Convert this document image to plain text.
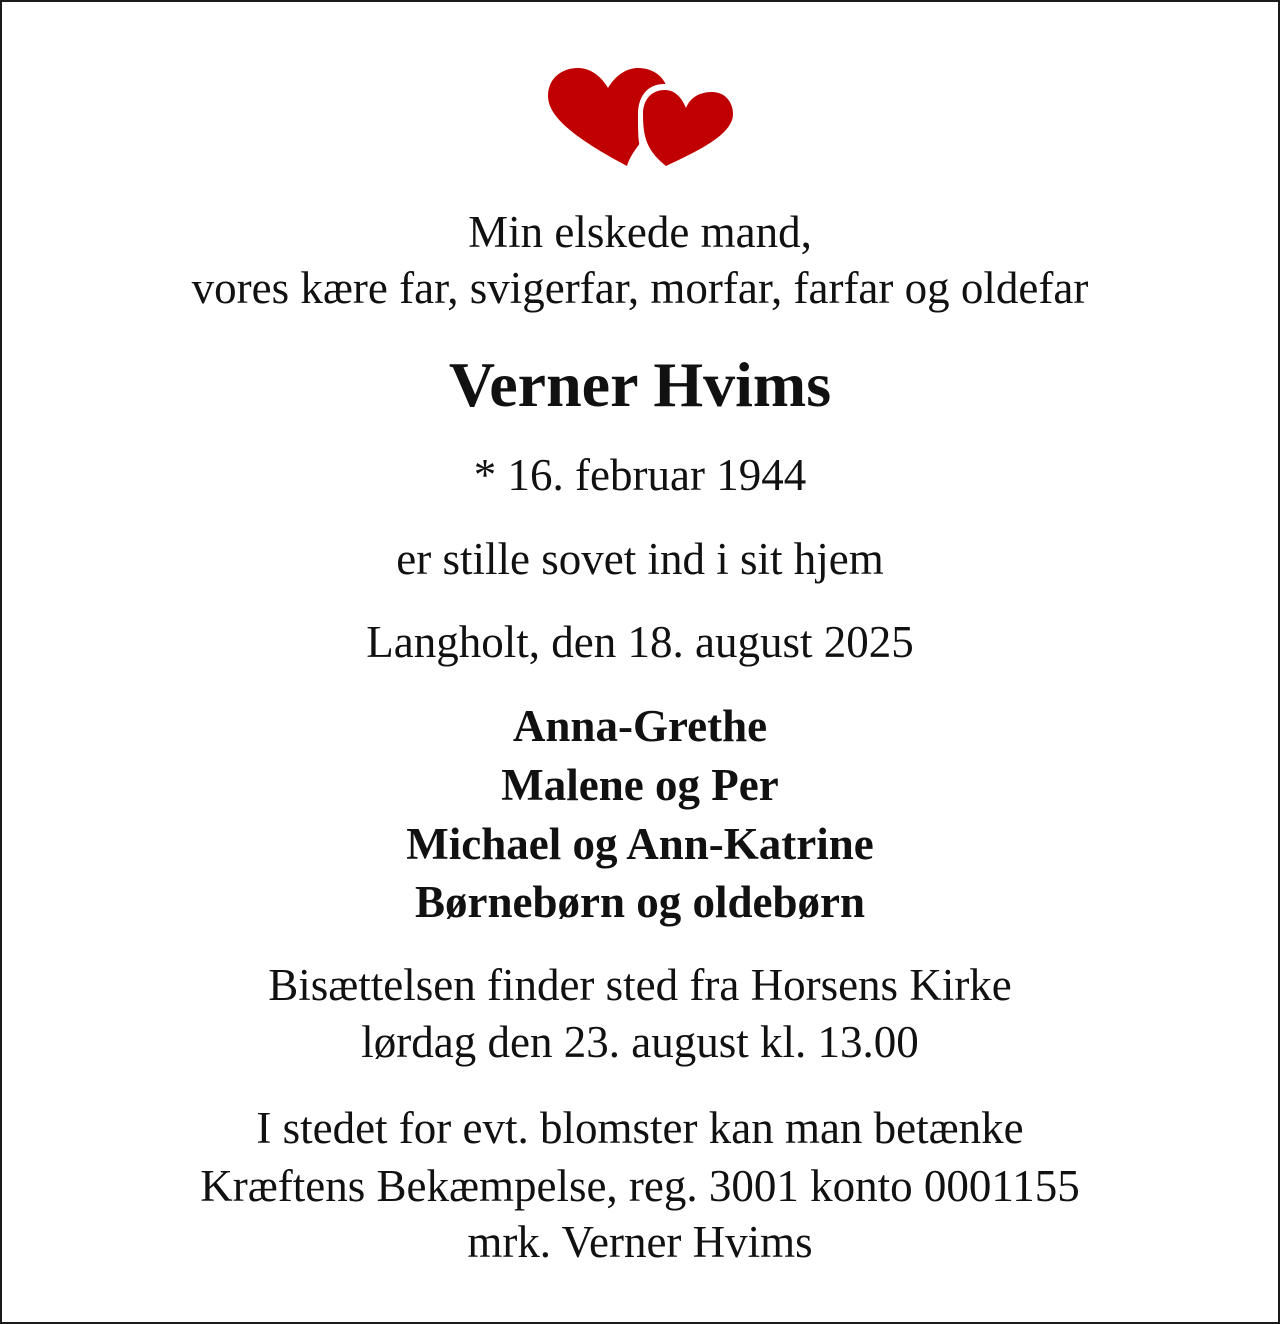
Min elskede mand,
vores kære far, svigerfar, morfar, farfar og oldefar
Verner Hvims
* 16. februar 1944
er stille sovet ind i sit hjem
Langholt, den 18. august 2025
Anna-Grethe
Malene og Per
Michael og Ann-Katrine
Børnebørn og oldebørn
Bisættelsen finder sted fra Horsens Kirke
lørdag den 23. august kl. 13.00
I stedet for evt. blomster kan man betænke
Kræftens Bekæmpelse, reg. 3001 konto 0001155
mrk. Verner Hvims
